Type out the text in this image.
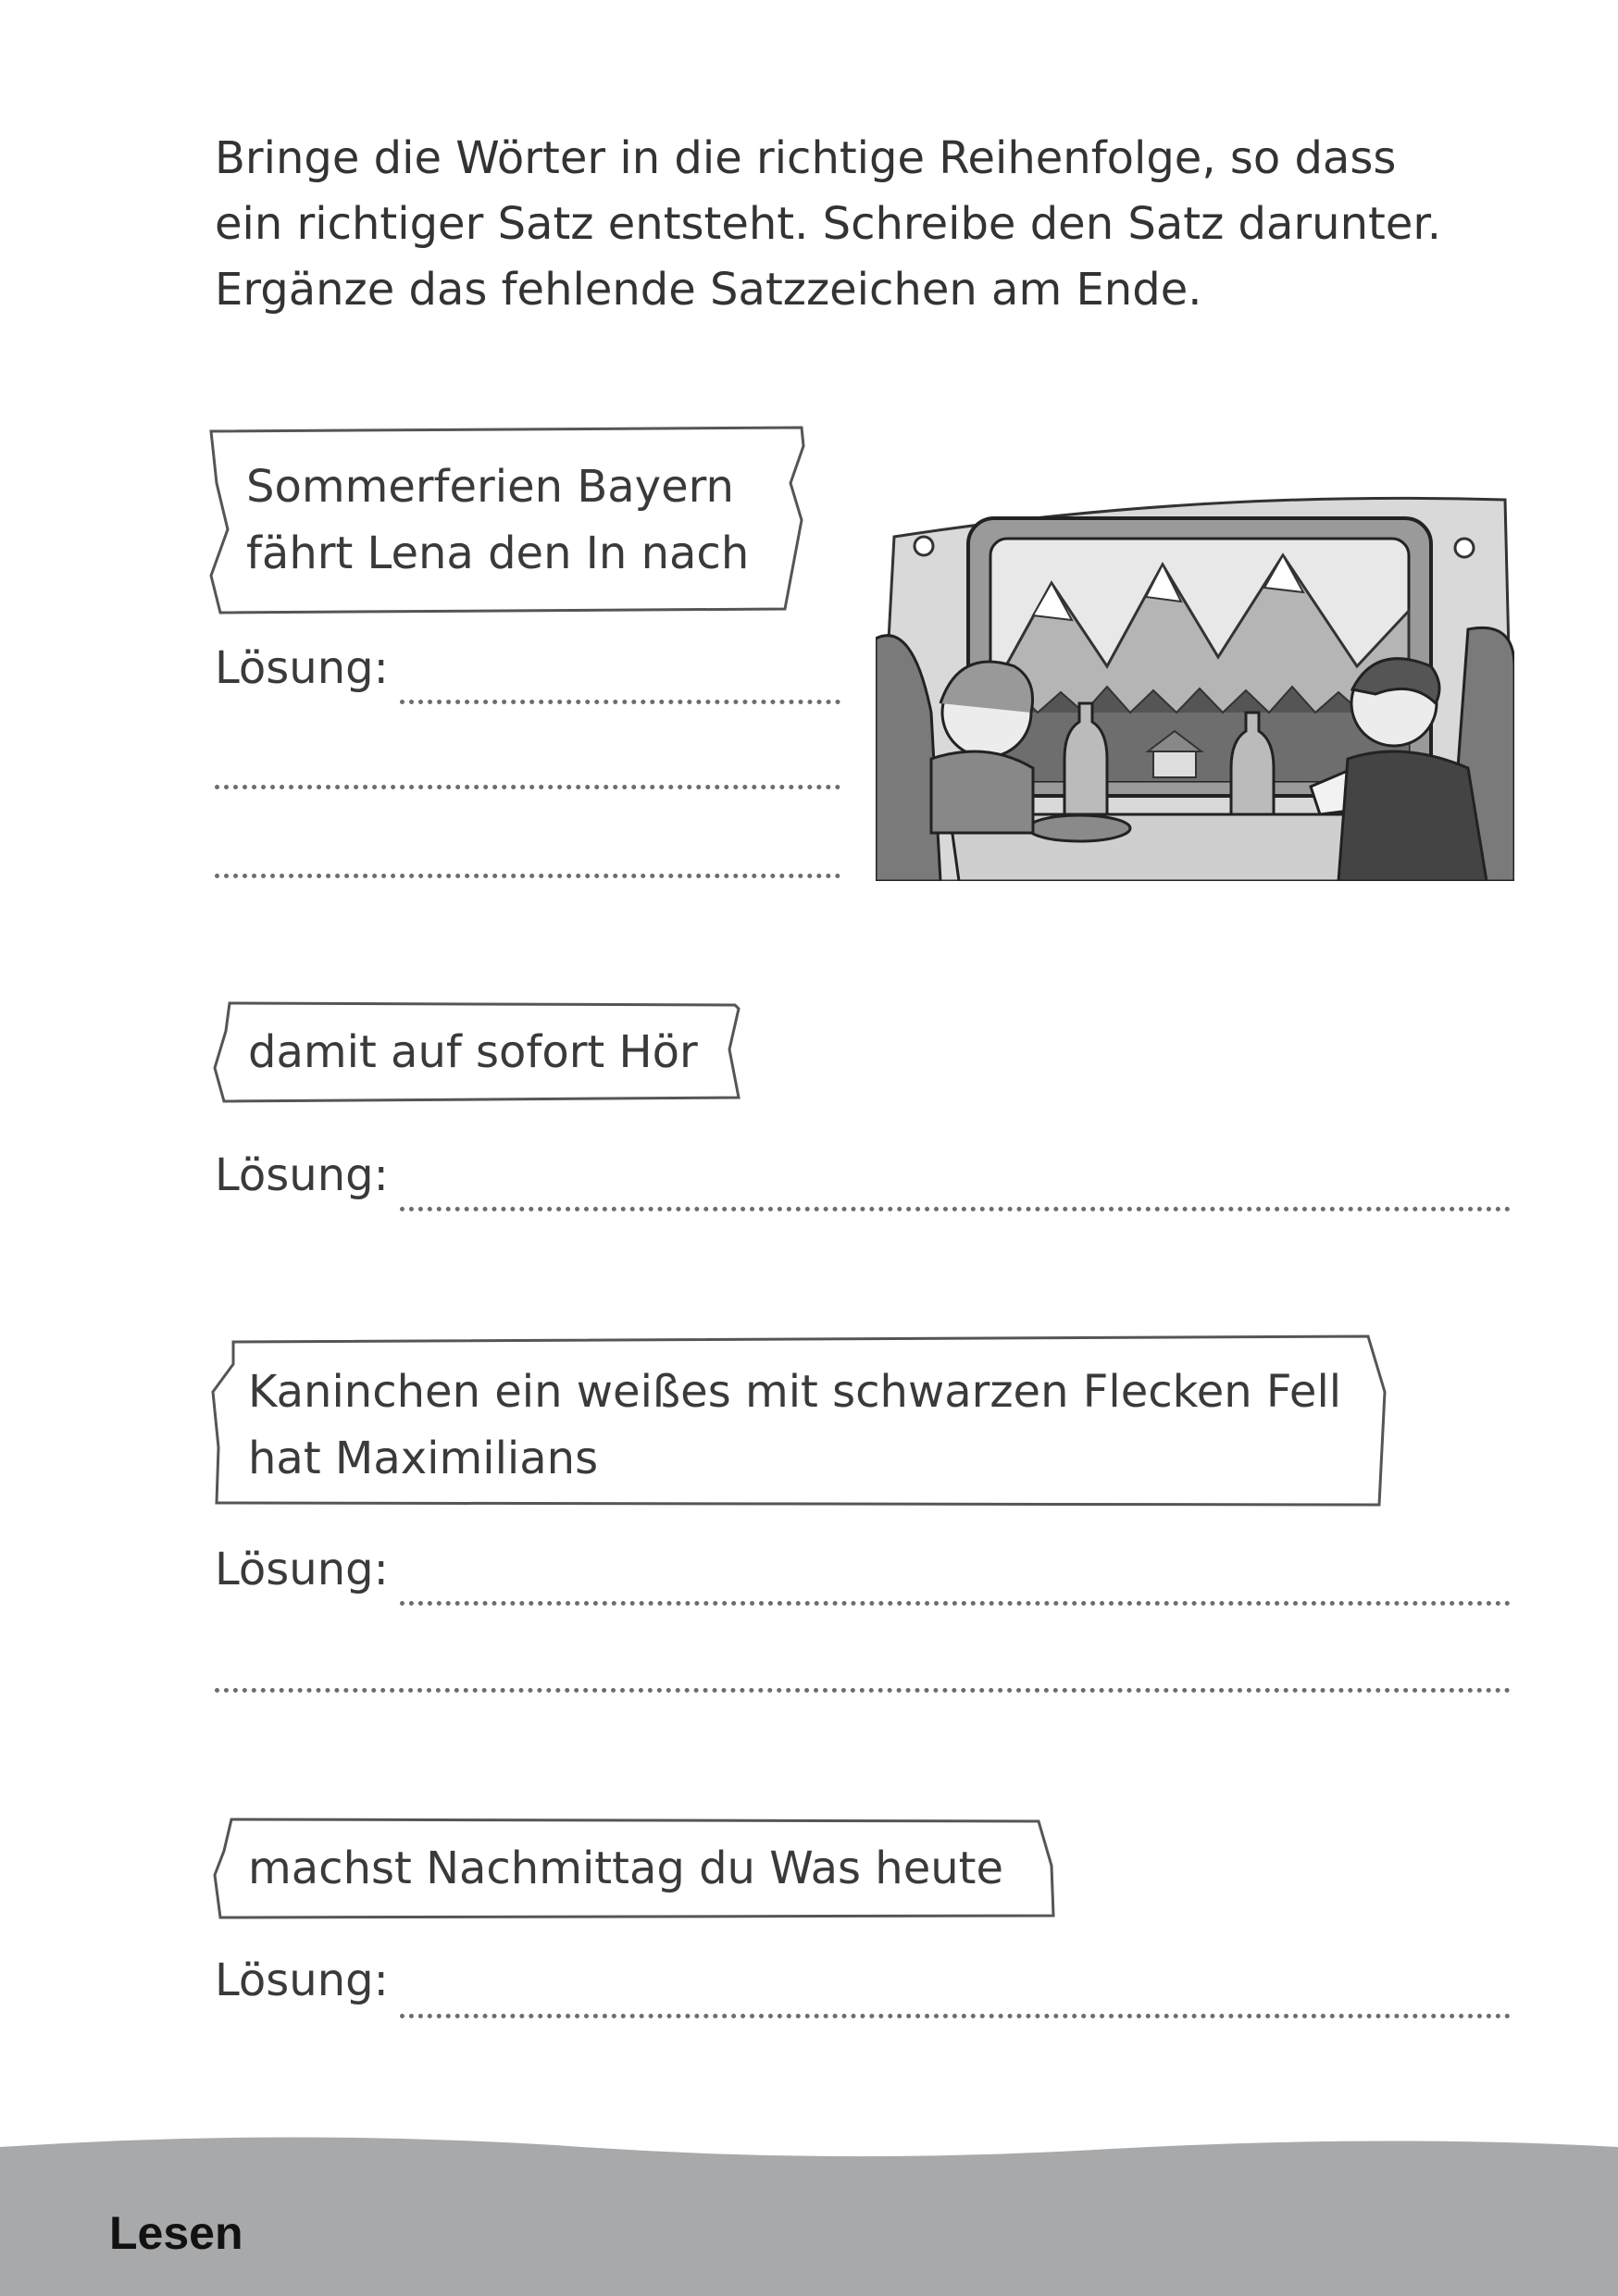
Bringe die Wörter in die richtige Reihenfolge, so dass
ein richtiger Satz entsteht. Schreibe den Satz darunter.
Ergänze das fehlende Satzzeichen am Ende.
Sommerferien Bayern
fährt Lena den In nach
Lösung:
damit auf sofort Hör
Lösung:
Kaninchen ein weißes mit schwarzen Flecken Fell
hat Maximilians
Lösung:
machst Nachmittag du Was heute
Lösung:
Lesen
